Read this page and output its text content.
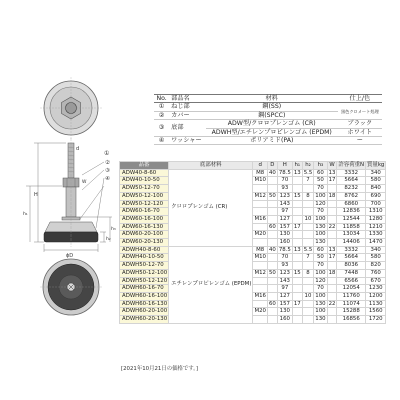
①
H
h₁
d
W
ϕD
h₂
h₃
②
③
④
No.	部品名	材料	仕上/色
①	ねじ部	鋼(SS)	黒色クロメート処理
②	カバー	鋼(SPCC)	
③	底部	ADW型/クロロプレンゴム (CR)	ブラック
		ADWH型/エチレンプロピレンゴム (EPDM)	ホワイト
④	ワッシャー	ポリアミド(PA)	ー
品番	底部材料	d	D	H	h₁	h₂	h₃	W	許容荷重N	質量kg
ADW40-8-60	クロロプレンゴム (CR)	M8	40	78.5	13	5.5	60	13	3332	340
ADW40-10-50		M10		70		7	50	17	5664	580
ADW50-12-70				93			70		8232	840
ADW50-12-100		M12	50	123	15	8	100	18	8762	690
ADW50-12-120				143			120		6860	700
ADW60-16-70				97			70		12836	1310
ADW60-16-100		M16		127		10	100		12544	1280
ADW60-16-130			60	157	17		130	22	11858	1210
ADW60-20-100		M20		130			100		13034	1330
ADW60-20-130				160			130		14406	1470
ADWH40-8-60	エチレンプロピレンゴム (EPDM)	M8	40	78.5	13	5.5	60	13	3332	340
ADWH40-10-50		M10		70		7	50	17	5664	580
ADWH50-12-70				93			70		8036	820
ADWH50-12-100		M12	50	123	15	8	100	18	7448	760
ADWH50-12-120				143			120		6566	670
ADWH60-16-70				97			70		12054	1230
ADWH60-16-100		M16		127		10	100		11760	1200
ADWH60-16-130			60	157	17		130	22	11074	1130
ADWH60-20-100		M20		130			100		15288	1560
ADWH60-20-130				160			130		16856	1720
[2021年10月21日の価格です。]
